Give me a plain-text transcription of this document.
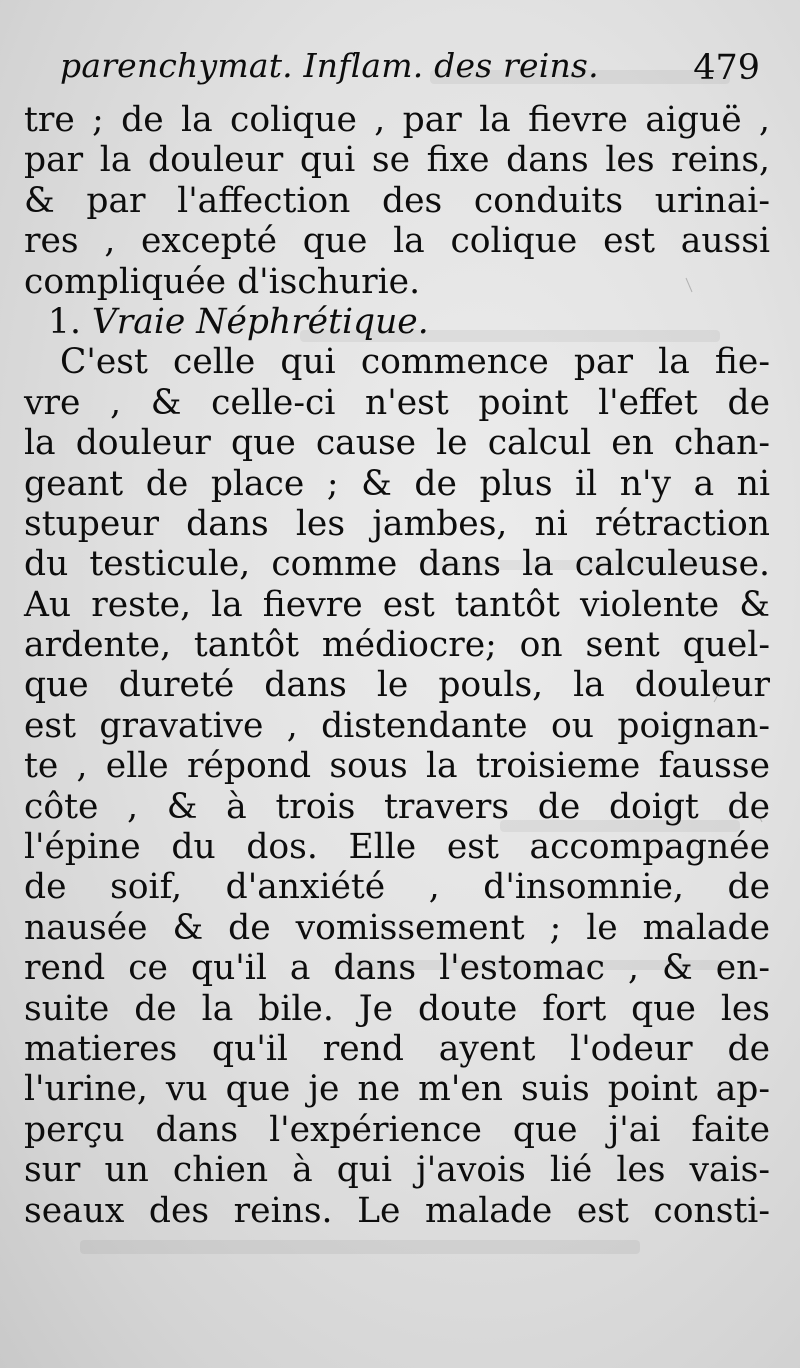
parenchymat. Inflam. des reins.	479
tre ; de la colique , par la fievre aiguë ,
par la douleur qui se fixe dans les reins,
& par l'affection des conduits urinai-
res , excepté que la colique est aussi
compliquée d'ischurie.
1. Vraie Néphrétique.
C'est celle qui commence par la fie-
vre , & celle-ci n'est point l'effet de
la douleur que cause le calcul en chan-
geant de place ; & de plus il n'y a ni
stupeur dans les jambes, ni rétraction
du testicule, comme dans la calculeuse.
Au reste, la fievre est tantôt violente &
ardente, tantôt médiocre; on sent quel-
que dureté dans le pouls, la douleur
est gravative , distendante ou poignan-
te , elle répond sous la troisieme fausse
côte , & à trois travers de doigt de
l'épine du dos. Elle est accompagnée
de soif, d'anxiété , d'insomnie, de
nausée & de vomissement ; le malade
rend ce qu'il a dans l'estomac , & en-
suite de la bile. Je doute fort que les
matieres qu'il rend ayent l'odeur de
l'urine, vu que je ne m'en suis point ap-
perçu dans l'expérience que j'ai faite
sur un chien à qui j'avois lié les vais-
seaux des reins. Le malade est consti-
